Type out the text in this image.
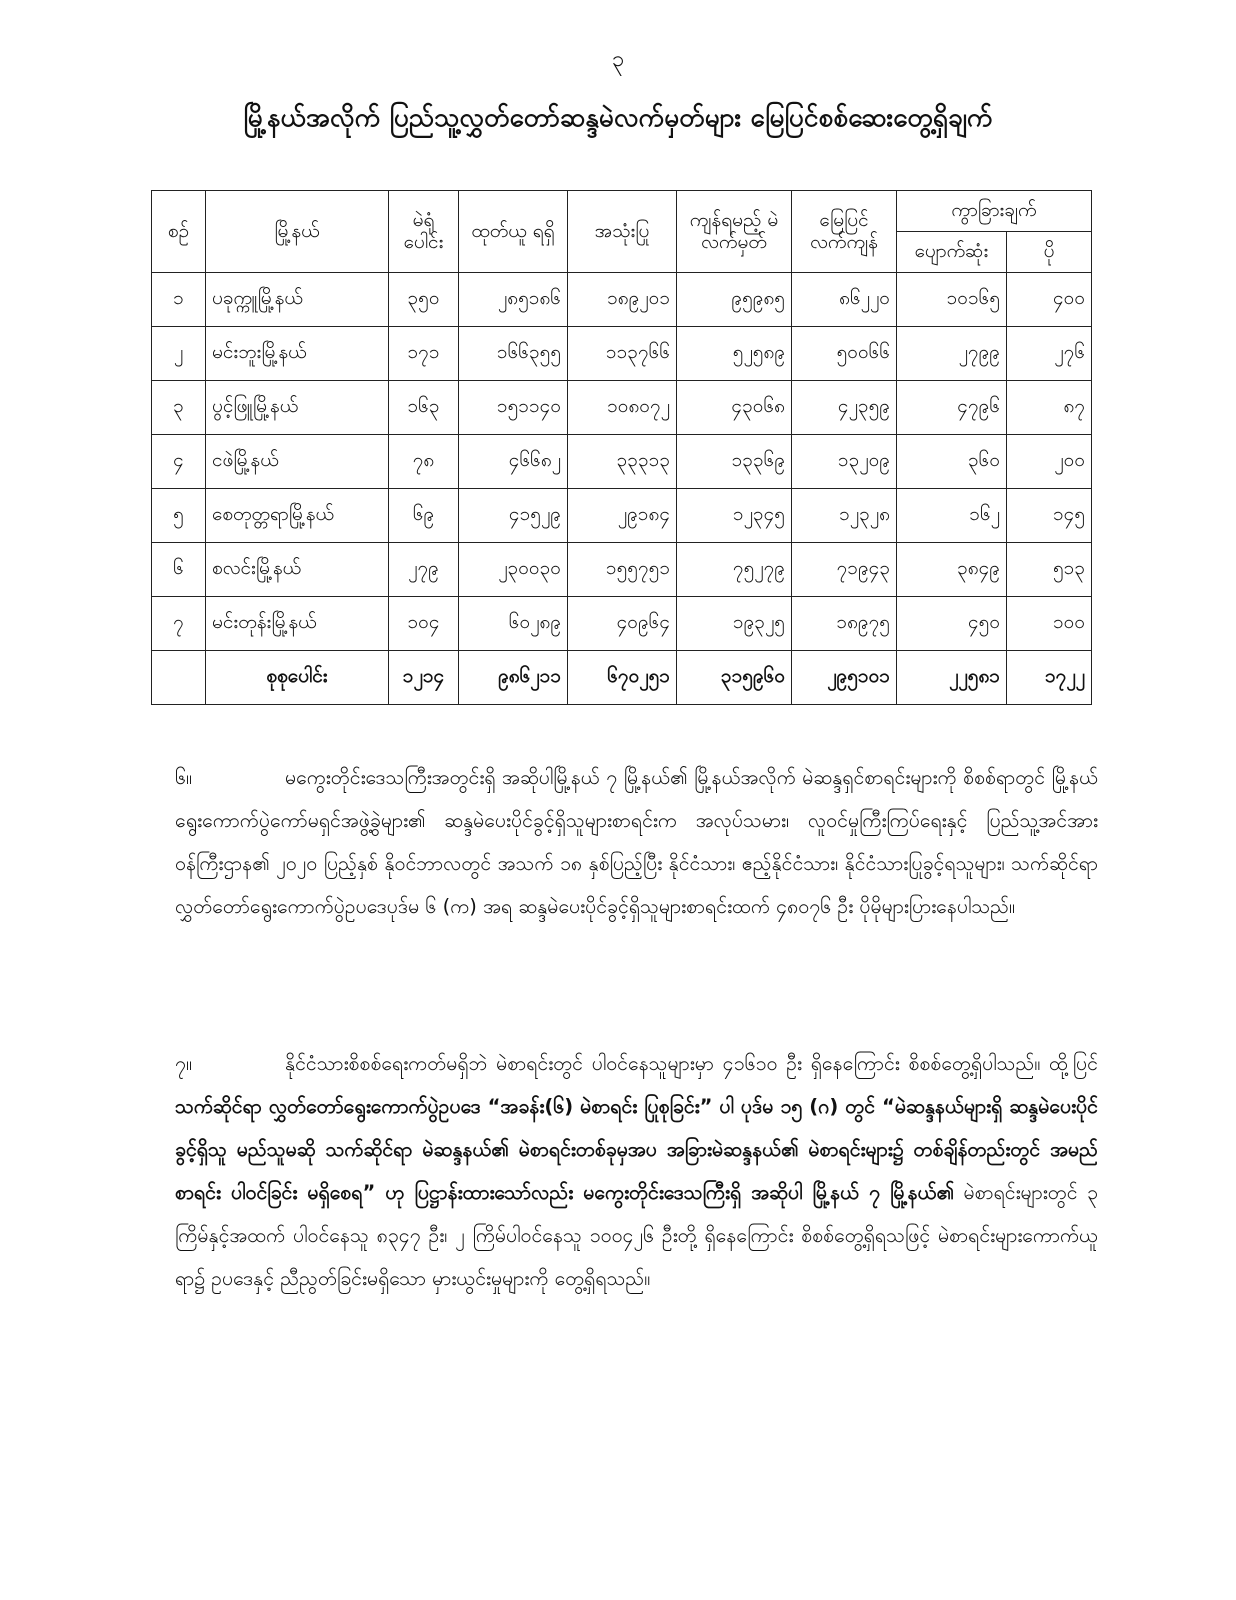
၃
မြို့နယ်အလိုက် ပြည်သူ့လွှတ်တော်ဆန္ဒမဲလက်မှတ်များ မြေပြင်စစ်ဆေးတွေ့ရှိချက်
စဉ်	မြို့နယ်	မဲရုံ ပေါင်း	ထုတ်ယူ ရရှိ	အသုံးပြု	ကျန်ရမည့် မဲလက်မှတ်	မြေပြင် လက်ကျန်	ကွာခြားချက်	
							ပျောက်ဆုံး	ပို
၁	ပခုက္ကူမြို့နယ်	၃၅၀	၂၈၅၁၈၆	၁၈၉၂၀၁	၉၅၉၈၅	၈၆၂၂၀	၁၀၁၆၅	၄၀၀
၂	မင်းဘူးမြို့နယ်	၁၇၁	၁၆၆၃၅၅	၁၁၃၇၆၆	၅၂၅၈၉	၅၀၀၆၆	၂၇၉၉	၂၇၆
၃	ပွင့်ဖြူမြို့နယ်	၁၆၃	၁၅၁၁၄၀	၁၀၈၀၇၂	၄၃၀၆၈	၄၂၃၅၉	၄၇၉၆	၈၇
၄	ငဖဲမြို့နယ်	၇၈	၄၆၆၈၂	၃၃၃၁၃	၁၃၃၆၉	၁၃၂၀၉	၃၆၀	၂၀၀
၅	စေတုတ္တရာမြို့နယ်	၆၉	၄၁၅၂၉	၂၉၁၈၄	၁၂၃၄၅	၁၂၃၂၈	၁၆၂	၁၄၅
၆	စလင်းမြို့နယ်	၂၇၉	၂၃၀၀၃၀	၁၅၅၇၅၁	၇၅၂၇၉	၇၁၉၄၃	၃၈၄၉	၅၁၃
၇	မင်းတုန်းမြို့နယ်	၁၀၄	၆၀၂၈၉	၄၀၉၆၄	၁၉၃၂၅	၁၈၉၇၅	၄၅၀	၁၀၀
	စုစုပေါင်း	၁၂၁၄	၉၈၆၂၁၁	၆၇၀၂၅၁	၃၁၅၉၆၀	၂၉၅၁၀၁	၂၂၅၈၁	၁၇၂၂
၆။	မကွေးတိုင်းဒေသကြီးအတွင်းရှိ အဆိုပါမြို့နယ် ၇ မြို့နယ်၏ မြို့နယ်အလိုက် မဲဆန္ဒရှင်စာရင်းများကို စိစစ်ရာတွင် မြို့နယ်ရွေးကောက်ပွဲကော်မရှင်အဖွဲ့ခွဲများ၏ ဆန္ဒမဲပေးပိုင်ခွင့်ရှိသူများစာရင်းက အလုပ်သမား၊ လူဝင်မှုကြီးကြပ်ရေးနှင့် ပြည်သူ့အင်အားဝန်ကြီးဌာန၏ ၂၀၂၀ ပြည့်နှစ် နိုဝင်ဘာလတွင် အသက် ၁၈ နှစ်ပြည့်ပြီး နိုင်ငံသား၊ ဧည့်နိုင်ငံသား၊ နိုင်ငံသားပြုခွင့်ရသူများ၊ သက်ဆိုင်ရာ လွှတ်တော်ရွေးကောက်ပွဲဥပဒေပုဒ်မ ၆ (က) အရ ဆန္ဒမဲပေးပိုင်ခွင့်ရှိသူများစာရင်းထက် ၄၈၀၇၆ ဦး ပိုမိုများပြားနေပါသည်။
၇။	နိုင်ငံသားစိစစ်ရေးကတ်မရှိဘဲ မဲစာရင်းတွင် ပါဝင်နေသူများမှာ ၄၁၆၁၀ ဦး ရှိနေကြောင်း စိစစ်တွေ့ရှိပါသည်။ ထို့ပြင် သက်ဆိုင်ရာ လွှတ်တော်ရွေးကောက်ပွဲဥပဒေ “အခန်း(၆) မဲစာရင်း ပြုစုခြင်း” ပါ ပုဒ်မ ၁၅ (ဂ) တွင် “မဲဆန္ဒနယ်များရှိ ဆန္ဒမဲပေးပိုင်ခွင့်ရှိသူ မည်သူမဆို သက်ဆိုင်ရာ မဲဆန္ဒနယ်၏ မဲစာရင်းတစ်ခုမှအပ အခြားမဲဆန္ဒနယ်၏ မဲစာရင်းများ၌ တစ်ချိန်တည်းတွင် အမည်စာရင်း ပါဝင်ခြင်း မရှိစေရ” ဟု ပြဋ္ဌာန်းထားသော်လည်း မကွေးတိုင်းဒေသကြီးရှိ အဆိုပါ မြို့နယ် ၇ မြို့နယ်၏ မဲစာရင်းများတွင် ၃ ကြိမ်နှင့်အထက် ပါဝင်နေသူ ၈၃၄၇ ဦး၊ ၂ ကြိမ်ပါဝင်နေသူ ၁၀၀၄၂၆ ဦးတို့ ရှိနေကြောင်း စိစစ်တွေ့ရှိရသဖြင့် မဲစာရင်းများကောက်ယူရာ၌ ဥပဒေနှင့် ညီညွတ်ခြင်းမရှိသော မှားယွင်းမှုများကို တွေ့ရှိရသည်။
